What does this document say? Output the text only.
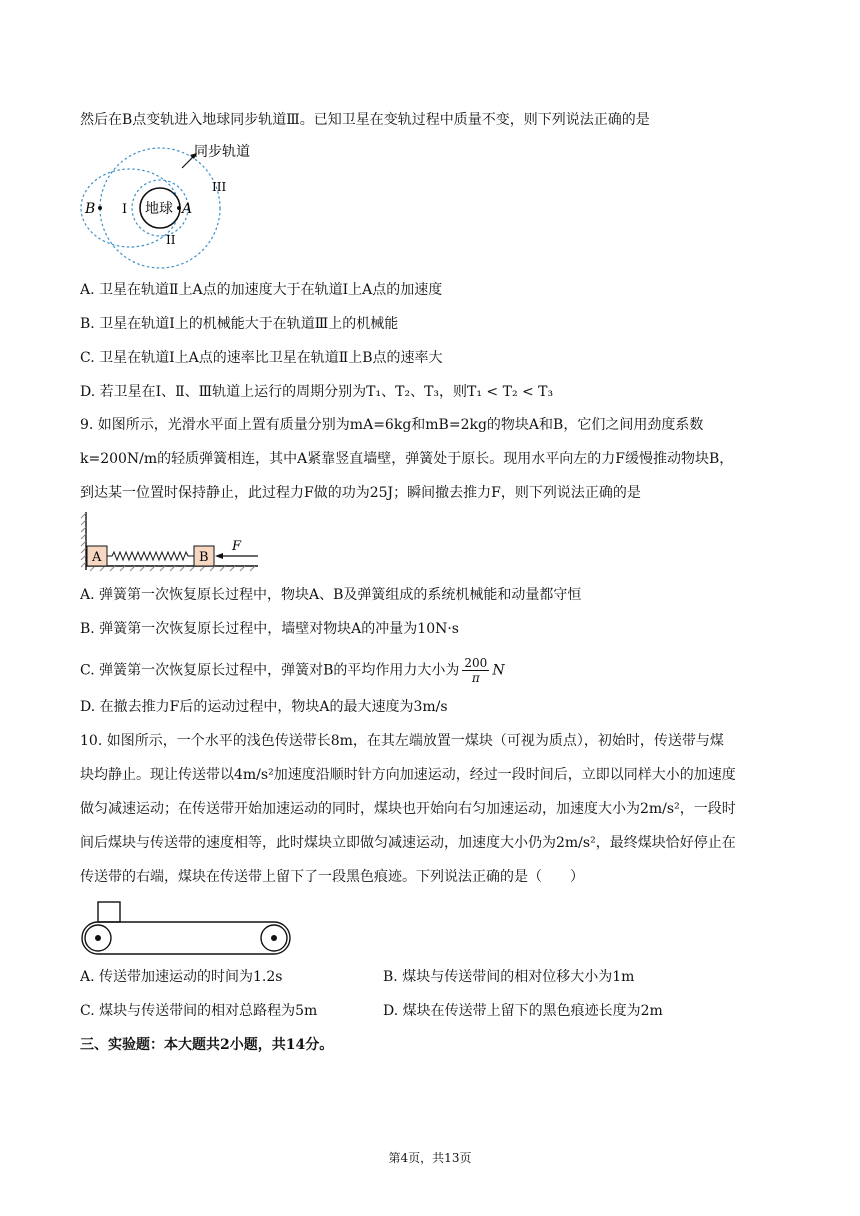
然后在B点变轨进入地球同步轨道Ⅲ。已知卫星在变轨过程中质量不变，则下列说法正确的是
同步轨道
III
B I 地球 A
II
A. 卫星在轨道Ⅱ上A点的加速度大于在轨道Ⅰ上A点的加速度
B. 卫星在轨道Ⅰ上的机械能大于在轨道Ⅲ上的机械能
C. 卫星在轨道Ⅰ上A点的速率比卫星在轨道Ⅱ上B点的速率大
D. 若卫星在Ⅰ、Ⅱ、Ⅲ轨道上运行的周期分别为T₁、T₂、T₃，则T₁ < T₂ < T₃
9. 如图所示，光滑水平面上置有质量分别为mA=6kg和mB=2kg的物块A和B，它们之间用劲度系数
k=200N/m的轻质弹簧相连，其中A紧靠竖直墙壁，弹簧处于原长。现用水平向左的力F缓慢推动物块B，
到达某一位置时保持静止，此过程力F做的功为25J；瞬间撤去推力F，则下列说法正确的是
A	B
F
A. 弹簧第一次恢复原长过程中，物块A、B及弹簧组成的系统机械能和动量都守恒
B. 弹簧第一次恢复原长过程中，墙壁对物块A的冲量为10N·s
C. 弹簧第一次恢复原长过程中，弹簧对B的平均作用力大小为 $\frac{200}{\pi}$ N
D. 在撤去推力F后的运动过程中，物块A的最大速度为3m/s
10. 如图所示，一个水平的浅色传送带长8m，在其左端放置一煤块（可视为质点），初始时，传送带与煤
块均静止。现让传送带以4m/s²加速度沿顺时针方向加速运动，经过一段时间后，立即以同样大小的加速度
做匀减速运动；在传送带开始加速运动的同时，煤块也开始向右匀加速运动，加速度大小为2m/s²，一段时
间后煤块与传送带的速度相等，此时煤块立即做匀减速运动，加速度大小仍为2m/s²，最终煤块恰好停止在
传送带的右端，煤块在传送带上留下了一段黑色痕迹。下列说法正确的是（　　）
A. 传送带加速运动的时间为1.2s	B. 煤块与传送带间的相对位移大小为1m
C. 煤块与传送带间的相对总路程为5m	D. 煤块在传送带上留下的黑色痕迹长度为2m
三、实验题：本大题共2小题，共14分。
第4页，共13页
